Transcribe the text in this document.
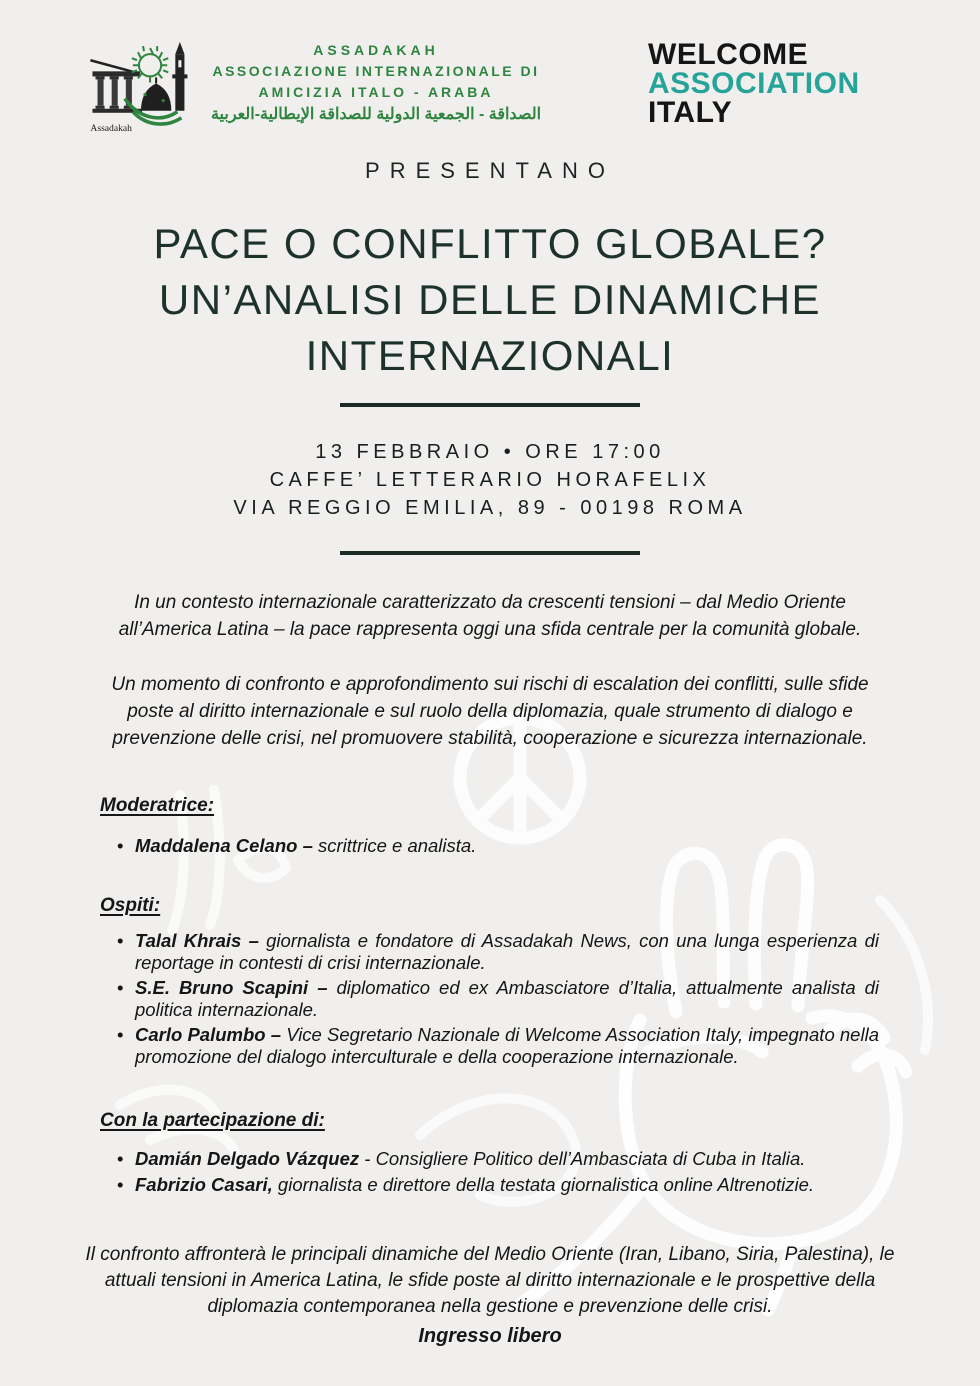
Assadakah
ASSADAKAH
ASSOCIAZIONE INTERNAZIONALE DI
AMICIZIA ITALO - ARABA
الصداقة - الجمعية الدولية للصداقة الإيطالية-العربية
WELCOME
ASSOCIATION
ITALY
PRESENTANO
PACE O CONFLITTO GLOBALE?
UN’ANALISI DELLE DINAMICHE
INTERNAZIONALI
13 FEBBRAIO • ORE 17:00
CAFFE’ LETTERARIO HORAFELIX
VIA REGGIO EMILIA, 89 - 00198 ROMA
In un contesto internazionale caratterizzato da crescenti tensioni – dal Medio Oriente all’America Latina – la pace rappresenta oggi una sfida centrale per la comunità globale.
Un momento di confronto e approfondimento sui rischi di escalation dei conflitti, sulle sfide poste al diritto internazionale e sul ruolo della diplomazia, quale strumento di dialogo e prevenzione delle crisi, nel promuovere stabilità, cooperazione e sicurezza internazionale.
Moderatrice:
• Maddalena Celano – scrittrice e analista.
Ospiti:
• Talal Khrais – giornalista e fondatore di Assadakah News, con una lunga esperienza di reportage in contesti di crisi internazionale.
• S.E. Bruno Scapini – diplomatico ed ex Ambasciatore d’Italia, attualmente analista di politica internazionale.
• Carlo Palumbo – Vice Segretario Nazionale di Welcome Association Italy, impegnato nella promozione del dialogo interculturale e della cooperazione internazionale.
Con la partecipazione di:
• Damián Delgado Vázquez - Consigliere Politico dell’Ambasciata di Cuba in Italia.
• Fabrizio Casari, giornalista e direttore della testata giornalistica online Altrenotizie.
Il confronto affronterà le principali dinamiche del Medio Oriente (Iran, Libano, Siria, Palestina), le attuali tensioni in America Latina, le sfide poste al diritto internazionale e le prospettive della diplomazia contemporanea nella gestione e prevenzione delle crisi.
Ingresso libero
